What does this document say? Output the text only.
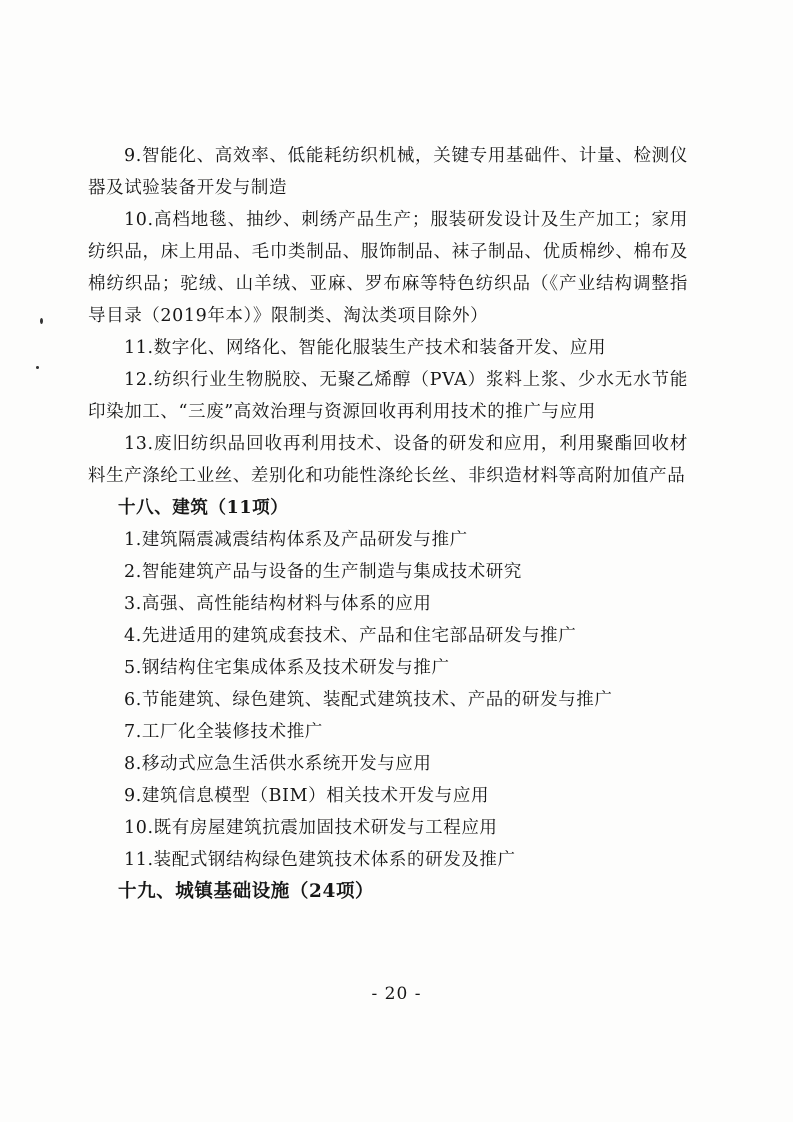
9.智能化、高效率、低能耗纺织机械，关键专用基础件、计量、检测仪器及试验装备开发与制造

10.高档地毯、抽纱、刺绣产品生产；服装研发设计及生产加工；家用纺织品，床上用品、毛巾类制品、服饰制品、袜子制品、优质棉纱、棉布及棉纺织品；驼绒、山羊绒、亚麻、罗布麻等特色纺织品（《产业结构调整指导目录（2019年本）》限制类、淘汰类项目除外）

11.数字化、网络化、智能化服装生产技术和装备开发、应用

12.纺织行业生物脱胶、无聚乙烯醇（PVA）浆料上浆、少水无水节能印染加工、“三废”高效治理与资源回收再利用技术的推广与应用

13.废旧纺织品回收再利用技术、设备的研发和应用，利用聚酯回收材料生产涤纶工业丝、差别化和功能性涤纶长丝、非织造材料等高附加值产品

十八、建筑（11项）

1.建筑隔震减震结构体系及产品研发与推广

2.智能建筑产品与设备的生产制造与集成技术研究

3.高强、高性能结构材料与体系的应用

4.先进适用的建筑成套技术、产品和住宅部品研发与推广

5.钢结构住宅集成体系及技术研发与推广

6.节能建筑、绿色建筑、装配式建筑技术、产品的研发与推广

7.工厂化全装修技术推广

8.移动式应急生活供水系统开发与应用

9.建筑信息模型（BIM）相关技术开发与应用

10.既有房屋建筑抗震加固技术研发与工程应用

11.装配式钢结构绿色建筑技术体系的研发及推广

十九、城镇基础设施（24项）

- 20 -
